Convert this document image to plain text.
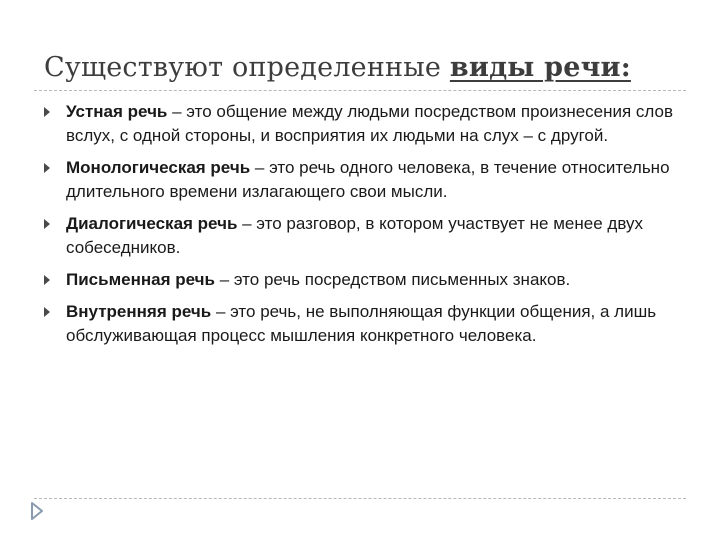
Существуют определенные виды речи:
Устная речь – это общение между людьми посредством произнесения слов вслух, с одной стороны, и восприятия их людьми на слух – с другой.
Монологическая речь – это речь одного человека, в течение относительно длительного времени излагающего свои мысли.
Диалогическая речь – это разговор, в котором участвует не менее двух собеседников.
Письменная речь – это речь посредством письменных знаков.
Внутренняя речь – это речь, не выполняющая функции общения, а лишь обслуживающая процесс мышления конкретного человека.
